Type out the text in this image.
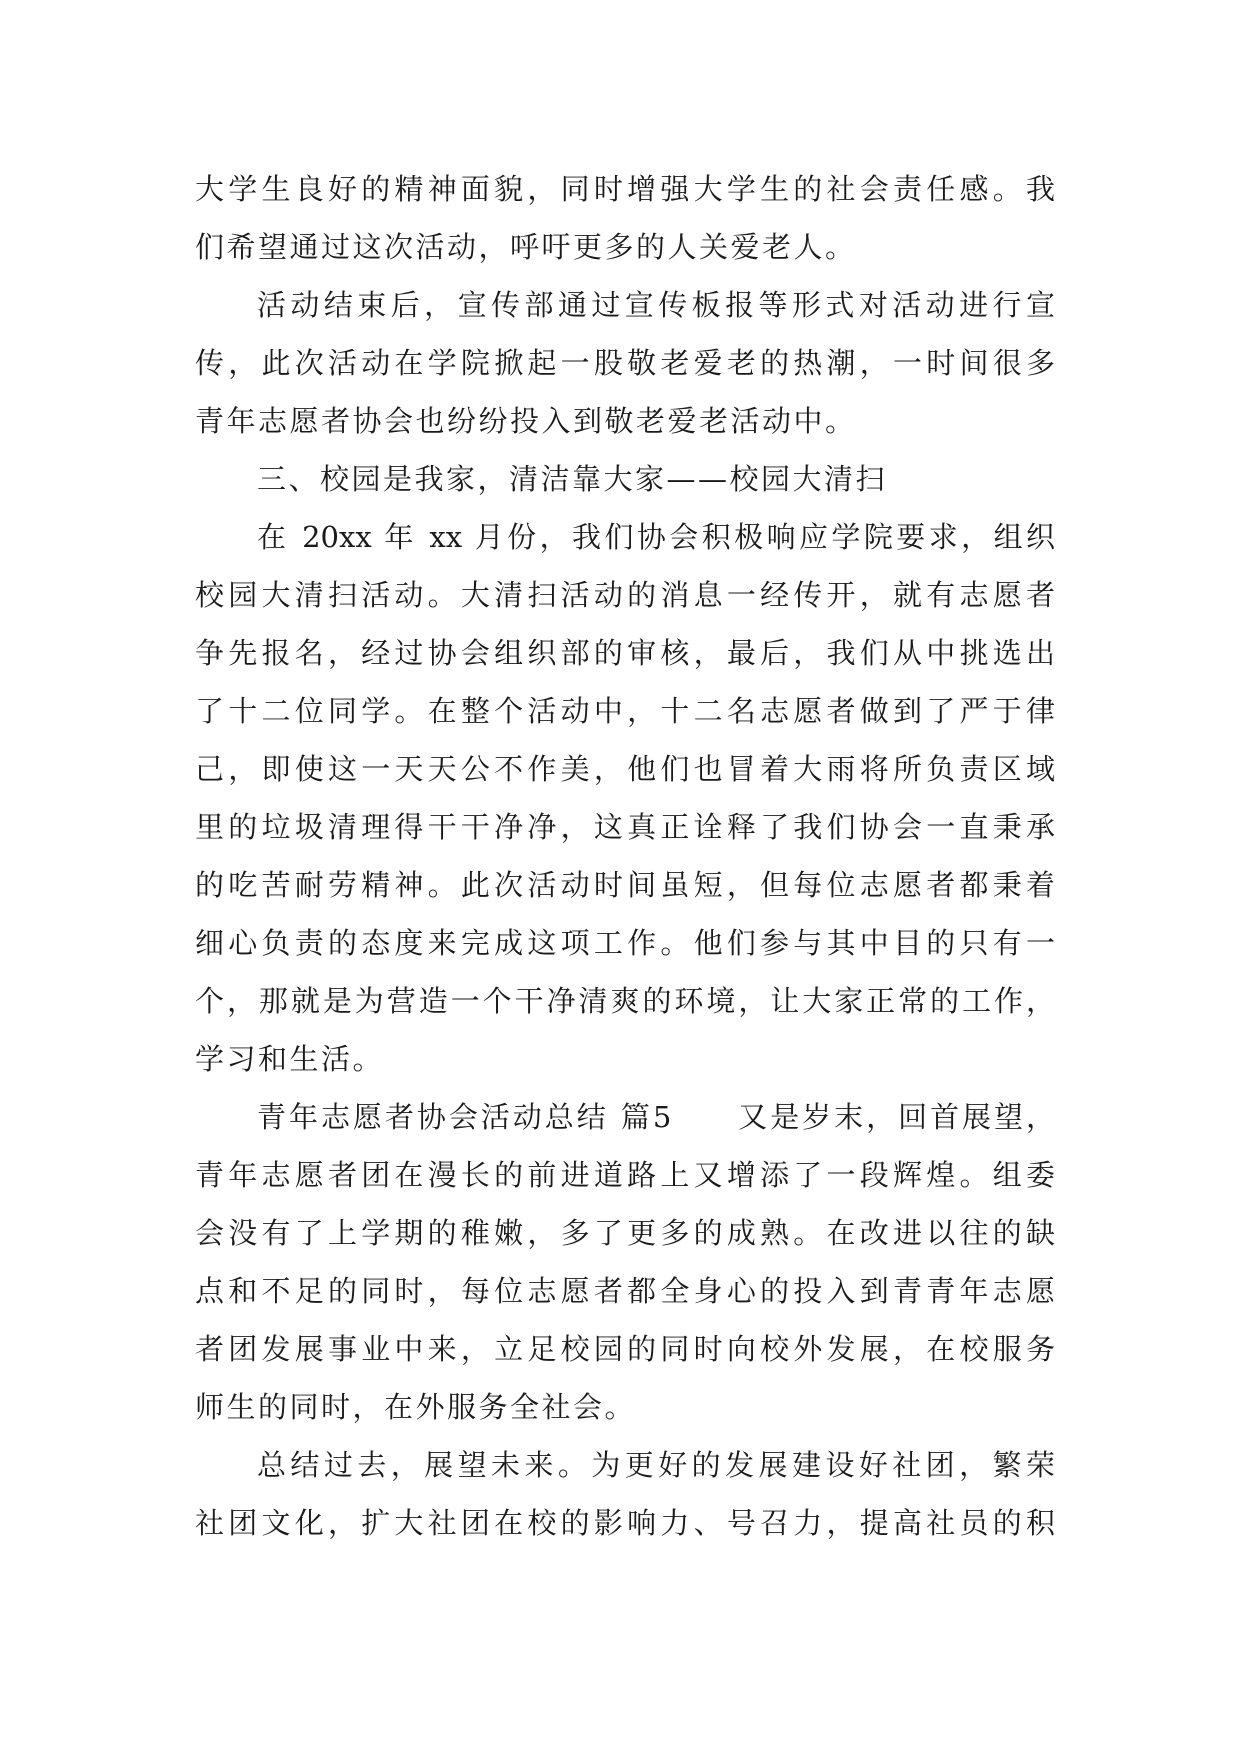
大学生良好的精神面貌，同时增强大学生的社会责任感。我
们希望通过这次活动，呼吁更多的人关爱老人。
活动结束后，宣传部通过宣传板报等形式对活动进行宣
传，此次活动在学院掀起一股敬老爱老的热潮，一时间很多
青年志愿者协会也纷纷投入到敬老爱老活动中。
三、校园是我家，清洁靠大家——校园大清扫
在 20xx 年 xx 月份，我们协会积极响应学院要求，组织
校园大清扫活动。大清扫活动的消息一经传开，就有志愿者
争先报名，经过协会组织部的审核，最后，我们从中挑选出
了十二位同学。在整个活动中，十二名志愿者做到了严于律
己，即使这一天天公不作美，他们也冒着大雨将所负责区域
里的垃圾清理得干干净净，这真正诠释了我们协会一直秉承
的吃苦耐劳精神。此次活动时间虽短，但每位志愿者都秉着
细心负责的态度来完成这项工作。他们参与其中目的只有一
个，那就是为营造一个干净清爽的环境，让大家正常的工作，
学习和生活。
青年志愿者协会活动总结 篇5　　又是岁末，回首展望，
青年志愿者团在漫长的前进道路上又增添了一段辉煌。组委
会没有了上学期的稚嫩，多了更多的成熟。在改进以往的缺
点和不足的同时，每位志愿者都全身心的投入到青青年志愿
者团发展事业中来，立足校园的同时向校外发展，在校服务
师生的同时，在外服务全社会。
总结过去，展望未来。为更好的发展建设好社团，繁荣
社团文化，扩大社团在校的影响力、号召力，提高社员的积
